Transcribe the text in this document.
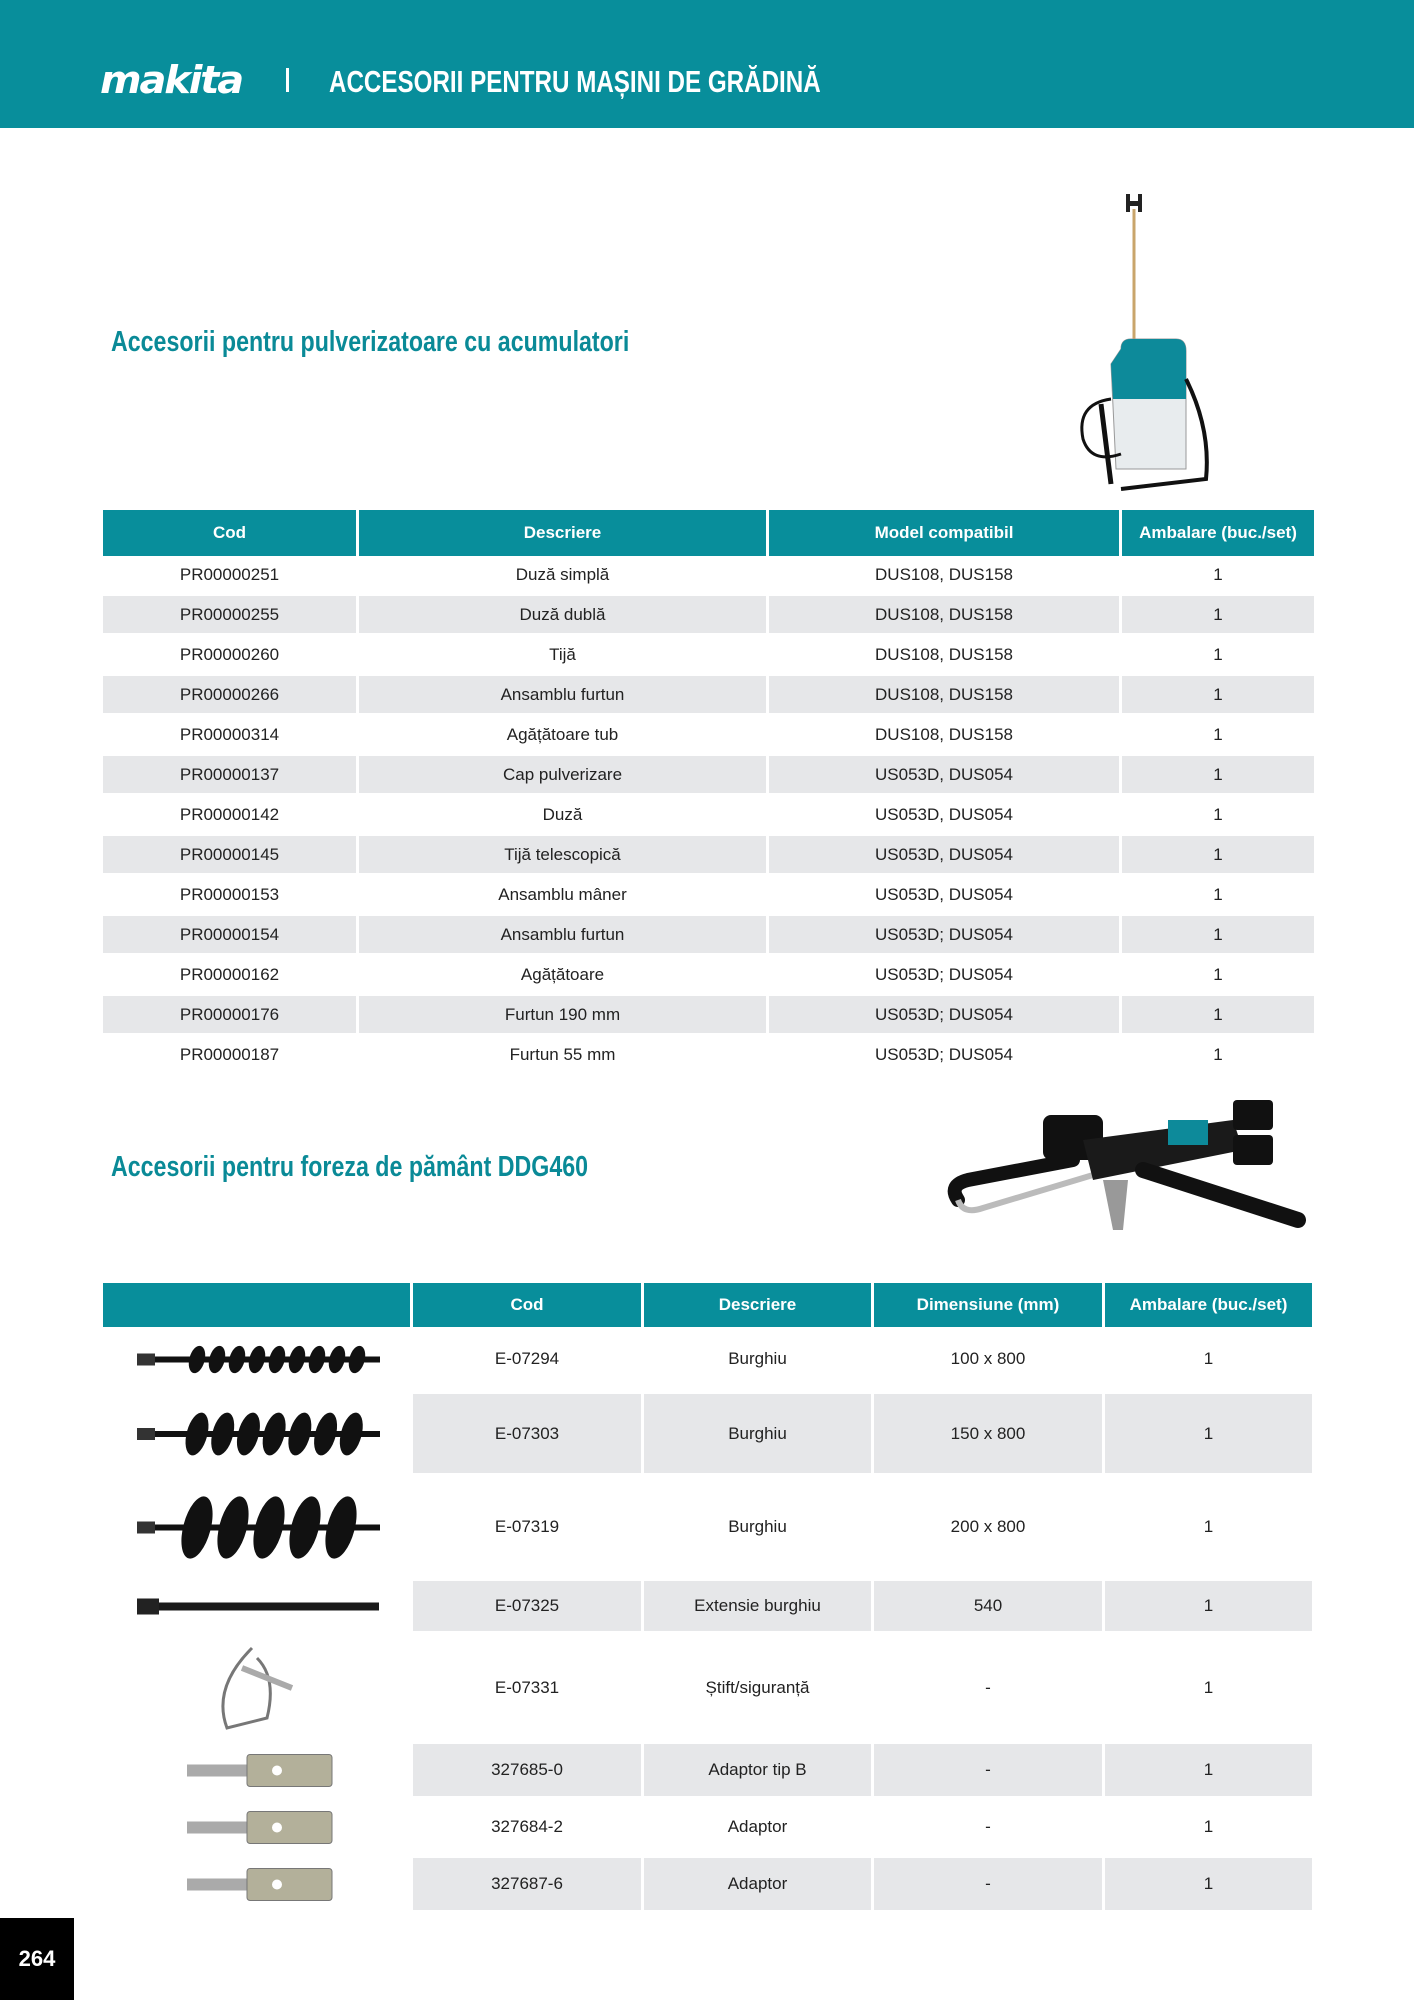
makita	ACCESORII PENTRU MAȘINI DE GRĂDINĂ
Accesorii pentru pulverizatoare cu acumulatori
Cod	Descriere	Model compatibil	Ambalare (buc./set)
PR00000251	Duză simplă	DUS108, DUS158	1
PR00000255	Duză dublă	DUS108, DUS158	1
PR00000260	Tijă	DUS108, DUS158	1
PR00000266	Ansamblu furtun	DUS108, DUS158	1
PR00000314	Agățătoare tub	DUS108, DUS158	1
PR00000137	Cap pulverizare	US053D, DUS054	1
PR00000142	Duză	US053D, DUS054	1
PR00000145	Tijă telescopică	US053D, DUS054	1
PR00000153	Ansamblu mâner	US053D, DUS054	1
PR00000154	Ansamblu furtun	US053D; DUS054	1
PR00000162	Agățătoare	US053D; DUS054	1
PR00000176	Furtun 190 mm	US053D; DUS054	1
PR00000187	Furtun 55 mm	US053D; DUS054	1
Accesorii pentru foreza de pământ DDG460
Cod	Descriere	Dimensiune (mm)	Ambalare (buc./set)
E-07294	Burghiu	100 x 800	1
E-07303	Burghiu	150 x 800	1
E-07319	Burghiu	200 x 800	1
E-07325	Extensie burghiu	540	1
E-07331	Știft/siguranță	-	1
327685-0	Adaptor tip B	-	1
327684-2	Adaptor	-	1
327687-6	Adaptor	-	1
264
